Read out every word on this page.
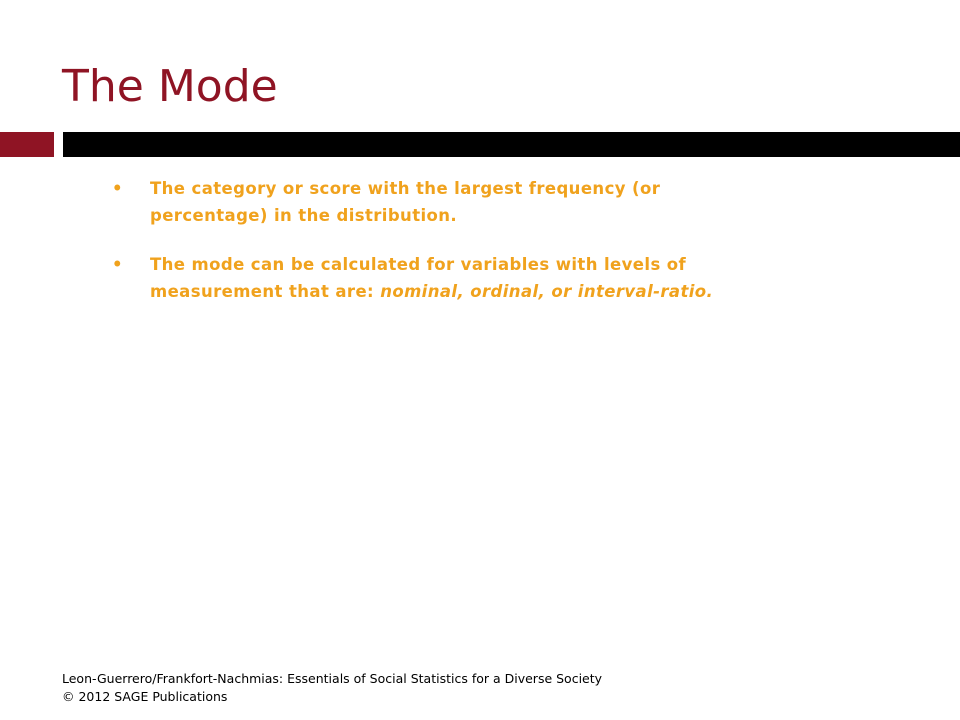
The Mode
• The category or score with the largest frequency (or percentage) in the distribution.
• The mode can be calculated for variables with levels of measurement that are: nominal, ordinal, or interval-ratio.
Leon-Guerrero/Frankfort-Nachmias: Essentials of Social Statistics for a Diverse Society
© 2012 SAGE Publications
